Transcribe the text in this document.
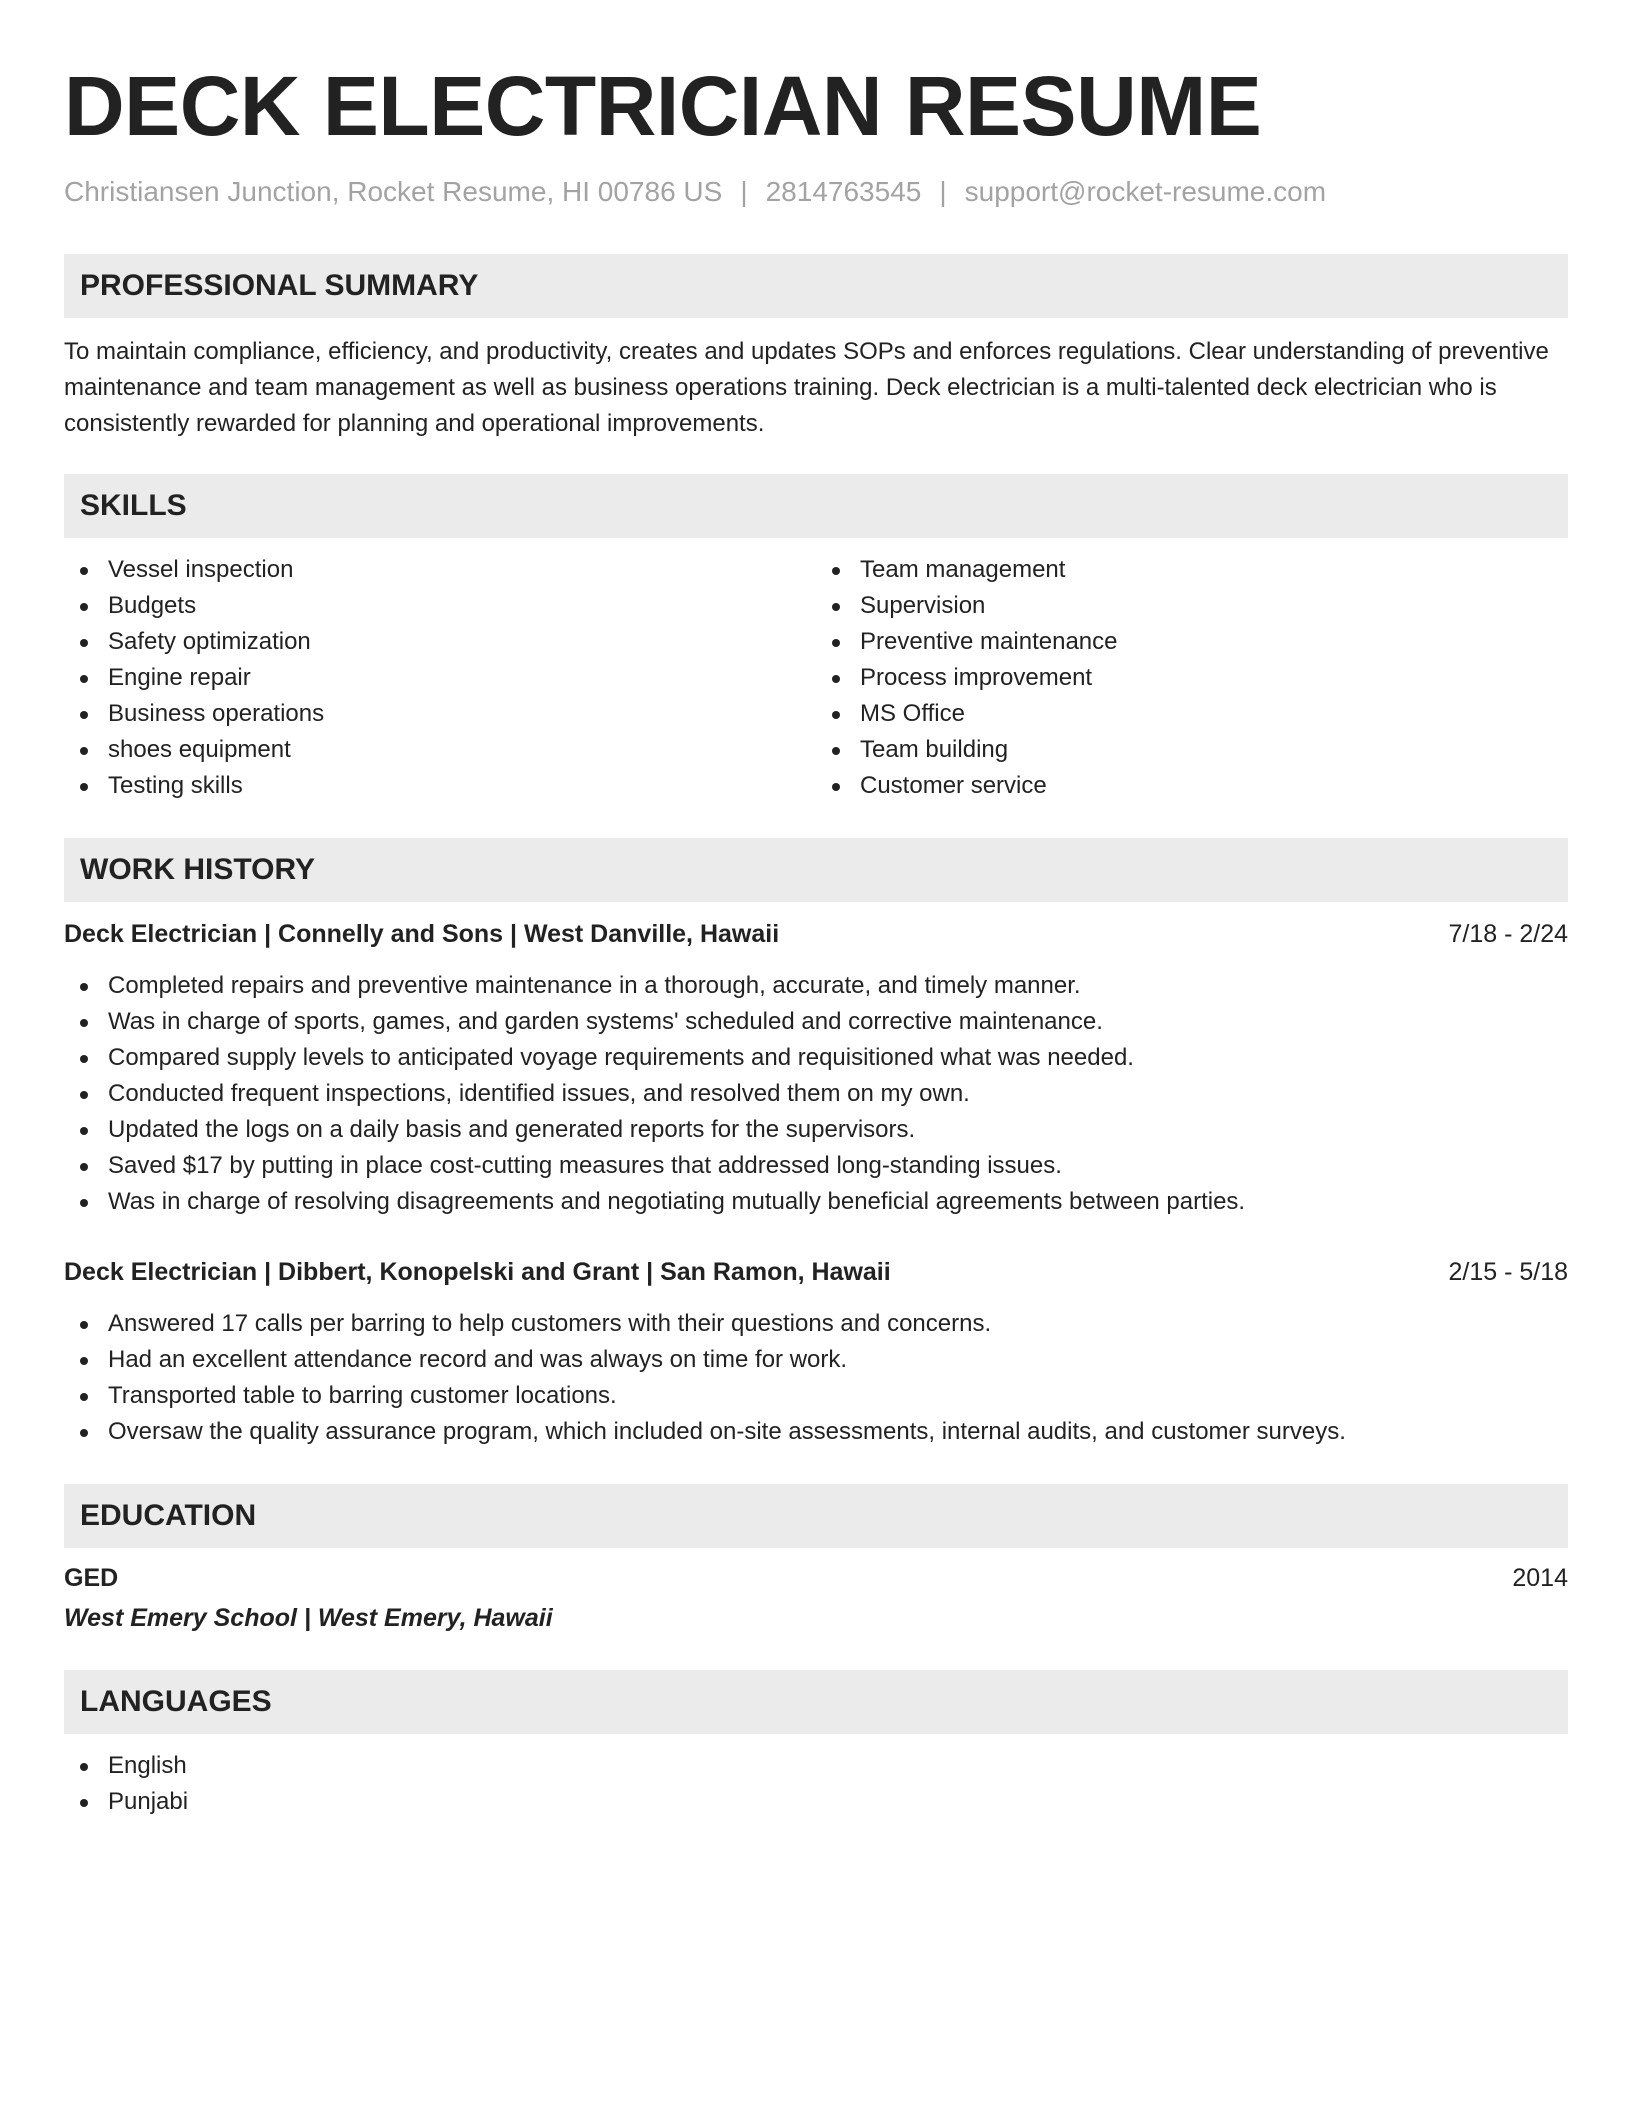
DECK ELECTRICIAN RESUME
Christiansen Junction, Rocket Resume, HI 00786 US | 2814763545 | support@rocket-resume.com
PROFESSIONAL SUMMARY

To maintain compliance, efficiency, and productivity, creates and updates SOPs and enforces regulations. Clear understanding of preventive maintenance and team management as well as business operations training. Deck electrician is a multi-talented deck electrician who is consistently rewarded for planning and operational improvements.

SKILLS
Vessel inspection
Budgets
Safety optimization
Engine repair
Business operations
shoes equipment
Testing skills
Team management
Supervision
Preventive maintenance
Process improvement
MS Office
Team building
Customer service
WORK HISTORY
Deck Electrician | Connelly and Sons | West Danville, Hawaii	7/18 - 2/24
Completed repairs and preventive maintenance in a thorough, accurate, and timely manner.
Was in charge of sports, games, and garden systems' scheduled and corrective maintenance.
Compared supply levels to anticipated voyage requirements and requisitioned what was needed.
Conducted frequent inspections, identified issues, and resolved them on my own.
Updated the logs on a daily basis and generated reports for the supervisors.
Saved $17 by putting in place cost-cutting measures that addressed long-standing issues.
Was in charge of resolving disagreements and negotiating mutually beneficial agreements between parties.
Deck Electrician | Dibbert, Konopelski and Grant | San Ramon, Hawaii	2/15 - 5/18
Answered 17 calls per barring to help customers with their questions and concerns.
Had an excellent attendance record and was always on time for work.
Transported table to barring customer locations.
Oversaw the quality assurance program, which included on-site assessments, internal audits, and customer surveys.
EDUCATION
GED	2014
West Emery School | West Emery, Hawaii
LANGUAGES
English
Punjabi
